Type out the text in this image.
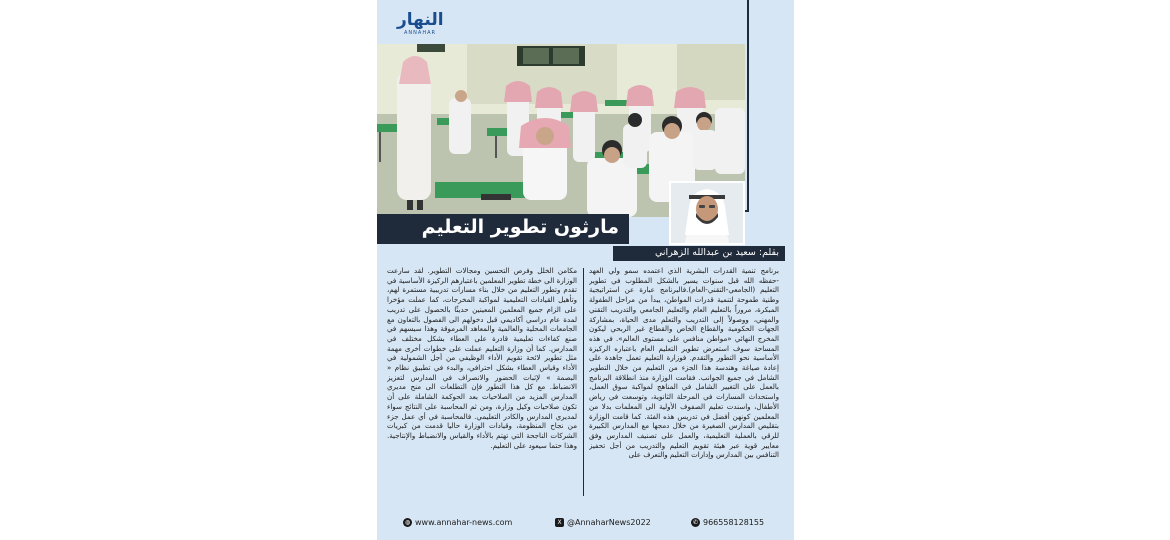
النهار
ANNAHAR
مارثون تطوير التعليم
بقلم: سعيد بن عبدالله الزهراني
برنامج تنمية القدرات البشرية الذي اعتمده سمو ولي العهد -حفظه الله قبل سنوات يسير بالشكل المطلوب في تطوير التعليم (الجامعي-التقني-العام).فالبرنامج عبارة عن استراتيجية وطنية طموحة لتنمية قدرات المواطن، يبدأ من مراحل الطفولة المبكرة، مروراً بالتعليم العام والتعليم الجامعي والتدريب التقني والمهني، ووصولاً إلى التدريب والتعلم مدى الحياة، بمشاركة الجهات الحكومية والقطاع الخاص والقطاع غير الربحي ليكون المخرج النهائي «مواطن منافس على مستوى العالم». في هذه المساحة سوف استعرض تطوير التعليم العام باعتباره الركيزة الأساسية نحو التطور والتقدم. فوزارة التعليم تعمل جاهدة على إعادة صياغة وهندسة هذا الجزء من التعليم من خلال التطوير الشامل في جميع الجوانب. فقامت الوزارة منذ انطلاقة البرنامج بالعمل على التغيير الشامل في المناهج لمواكبة سوق العمل، واستحداث المسارات في المرحلة الثانوية، وتوسعت في رياض الأطفال، واسندت تعليم الصفوف الأولية الى المعلمات بدلا من المعلمين كونهن أفضل في تدريس هذه الفئة. كما قامت الوزارة بتقليص المدارس الصغيرة من خلال دمجها مع المدارس الكبيرة للرقي بالعملية التعليمية، والعمل على تصنيف المدارس وفق معايير قوية عبر هيئة تقويم التعليم والتدريب من أجل تحفيز التنافس بين المدارس وإدارات التعليم والتعرف على
مكامن الخلل وفرص التحسين ومجالات التطوير. لقد سارعت الوزارة الى خطة تطوير المعلمين باعتبارهم الركيزة الأساسية في تقدم وتطور التعليم من خلال بناء مسارات تدريبية مستمرة لهم، وتأهيل القيادات التعليمية لمواكبة المخرجات، كما عملت مؤخرا على الزام جميع المعلمين المعينين حديثًا بالحصول على تدريب لمدة عام دراسي أكاديمي قبل دخولهم الى الفصول بالتعاون مع الجامعات المحلية والعالمية والمعاهد المرموقة وهذا سيسهم في صنع كفاءات تعليمية قادرة على العطاء بشكل مختلف في المدارس. كما أن وزارة التعليم عملت على خطوات أخرى مهمة مثل تطوير لائحة تقويم الأداء الوظيفي من أجل الشمولية في الأداء وقياس العطاء بشكل احترافي، والبدء في تطبيق نظام « البصمة » لإثبات الحضور والانصراف في المدارس لتعزيز الانضباط. مع كل هذا التطور فإن التطلعات الى منح مديري المدارس المزيد من الصلاحيات بعد الحوكمة الشاملة على أن تكون صلاحيات وكيل وزارة، ومن ثم المحاسبة على النتائج سواء لمديري المدارس والكادر التعليمي. فالمحاسبة في أي عمل جزء من نجاح المنظومة، وقيادات الوزارة حاليا قدمت من كبريات الشركات الناجحة التي تهتم بالأداء والقياس والانضباط والإنتاجية. وهذا حتما سيعود على التعليم.
◍ www.annahar-news.com	X @AnnaharNews2022	✆ 966558128155
